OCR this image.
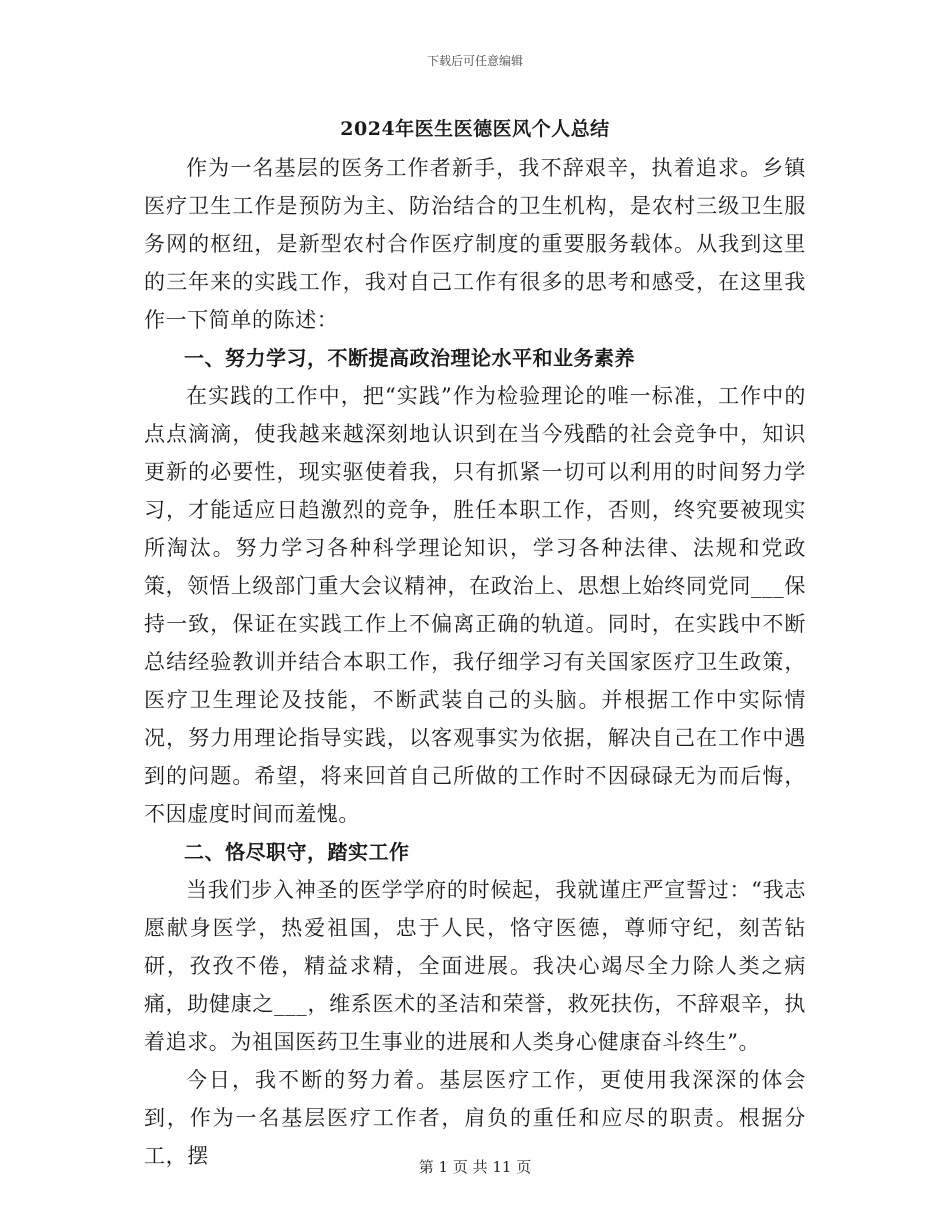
下载后可任意编辑
2024年医生医德医风个人总结

作为一名基层的医务工作者新手，我不辞艰辛，执着追求。乡镇医疗卫生工作是预防为主、防治结合的卫生机构，是农村三级卫生服务网的枢纽，是新型农村合作医疗制度的重要服务载体。从我到这里的三年来的实践工作，我对自己工作有很多的思考和感受，在这里我作一下简单的陈述：

一、努力学习，不断提高政治理论水平和业务素养

在实践的工作中，把“实践”作为检验理论的唯一标准，工作中的点点滴滴，使我越来越深刻地认识到在当今残酷的社会竞争中，知识更新的必要性，现实驱使着我，只有抓紧一切可以利用的时间努力学习，才能适应日趋激烈的竞争，胜任本职工作，否则，终究要被现实所淘汰。努力学习各种科学理论知识，学习各种法律、法规和党政策，领悟上级部门重大会议精神，在政治上、思想上始终同党同___保持一致，保证在实践工作上不偏离正确的轨道。同时，在实践中不断总结经验教训并结合本职工作，我仔细学习有关国家医疗卫生政策，医疗卫生理论及技能，不断武装自己的头脑。并根据工作中实际情况，努力用理论指导实践，以客观事实为依据，解决自己在工作中遇到的问题。希望，将来回首自己所做的工作时不因碌碌无为而后悔，不因虚度时间而羞愧。

二、恪尽职守，踏实工作

当我们步入神圣的医学学府的时候起，我就谨庄严宣誓过：“我志愿献身医学，热爱祖国，忠于人民，恪守医德，尊师守纪，刻苦钻研，孜孜不倦，精益求精，全面进展。我决心竭尽全力除人类之病痛，助健康之___，维系医术的圣洁和荣誉，救死扶伤，不辞艰辛，执着追求。为祖国医药卫生事业的进展和人类身心健康奋斗终生”。

今日，我不断的努力着。基层医疗工作，更使用我深深的体会到，作为一名基层医疗工作者，肩负的重任和应尽的职责。根据分工，摆	第 1 页 共 11 页
